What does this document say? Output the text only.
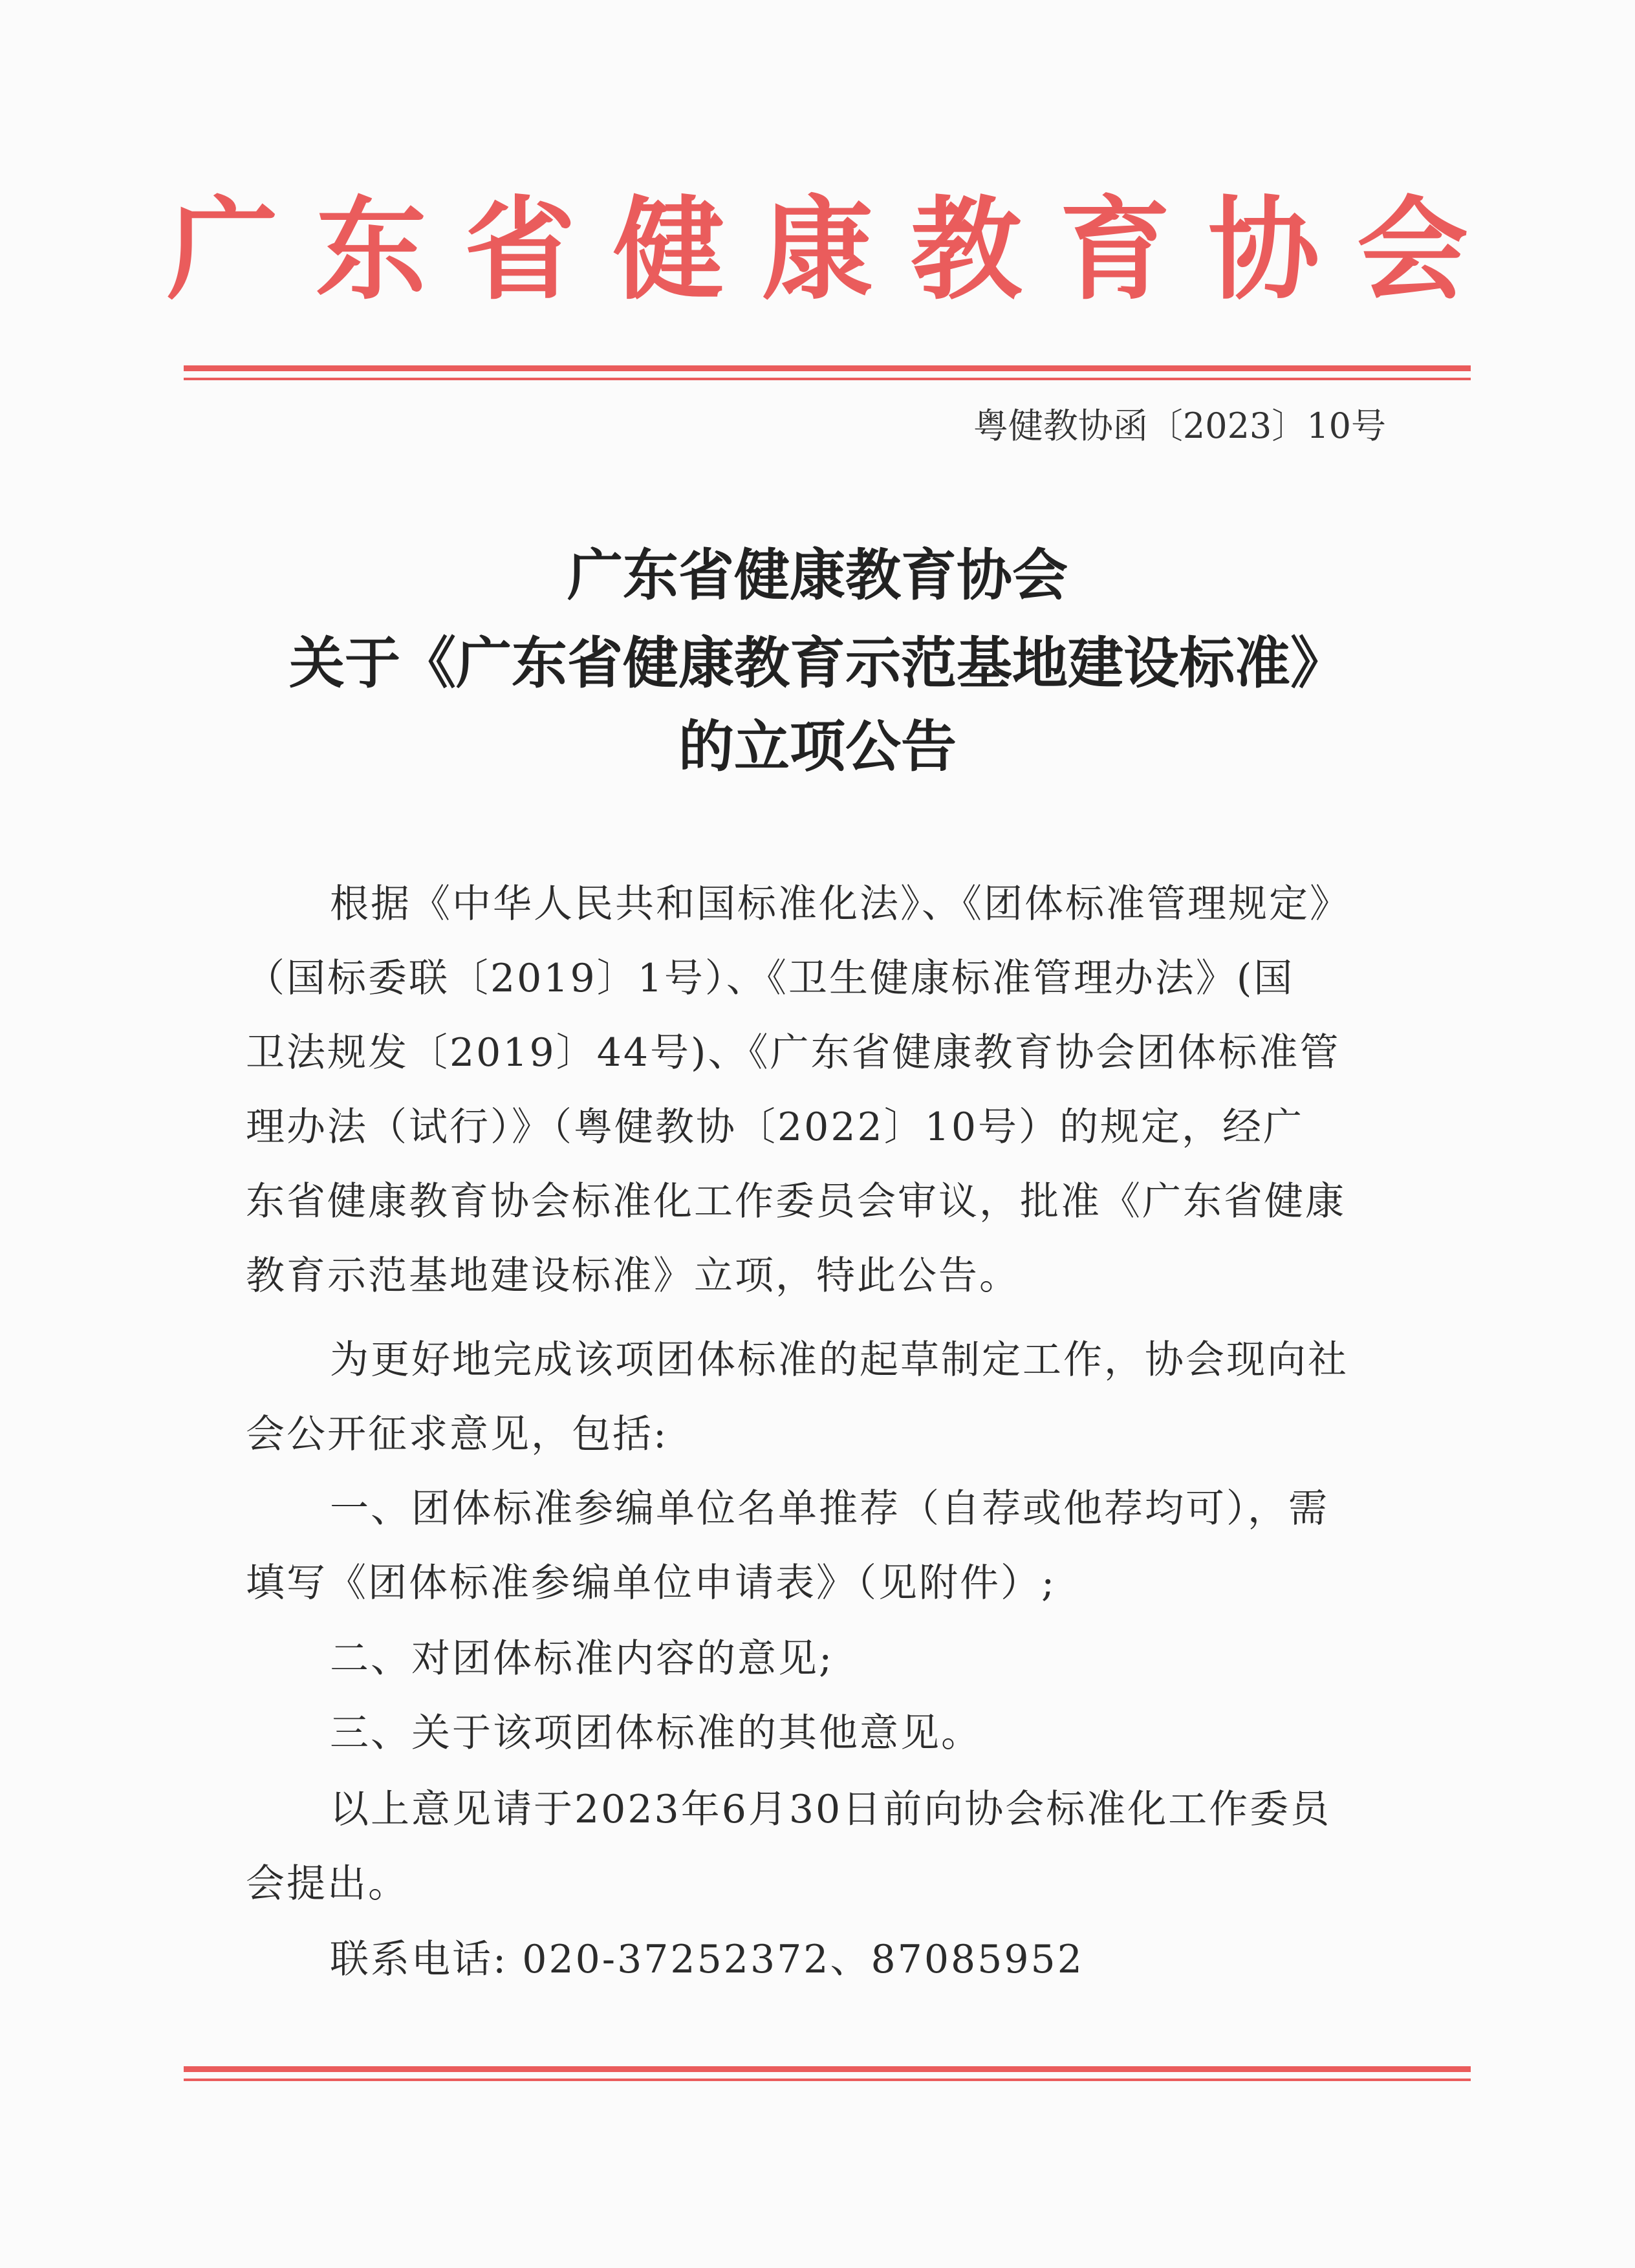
广东省健康教育协会
粤健教协函〔2023〕10号
广东省健康教育协会
关于《广东省健康教育示范基地建设标准》
的立项公告
根据《中华人民共和国标准化法》、《团体标准管理规定》
（国标委联〔2019〕1号）、《卫生健康标准管理办法》(国
卫法规发〔2019〕44号)、《广东省健康教育协会团体标准管
理办法（试行）》（粤健教协〔2022〕10号）的规定，经广
东省健康教育协会标准化工作委员会审议，批准《广东省健康
教育示范基地建设标准》立项，特此公告。
为更好地完成该项团体标准的起草制定工作，协会现向社
会公开征求意见，包括:
一、团体标准参编单位名单推荐（自荐或他荐均可），需
填写《团体标准参编单位申请表》（见附件）;
二、对团体标准内容的意见;
三、关于该项团体标准的其他意见。
以上意见请于2023年6月30日前向协会标准化工作委员
会提出。
联系电话: 020-37252372、87085952
